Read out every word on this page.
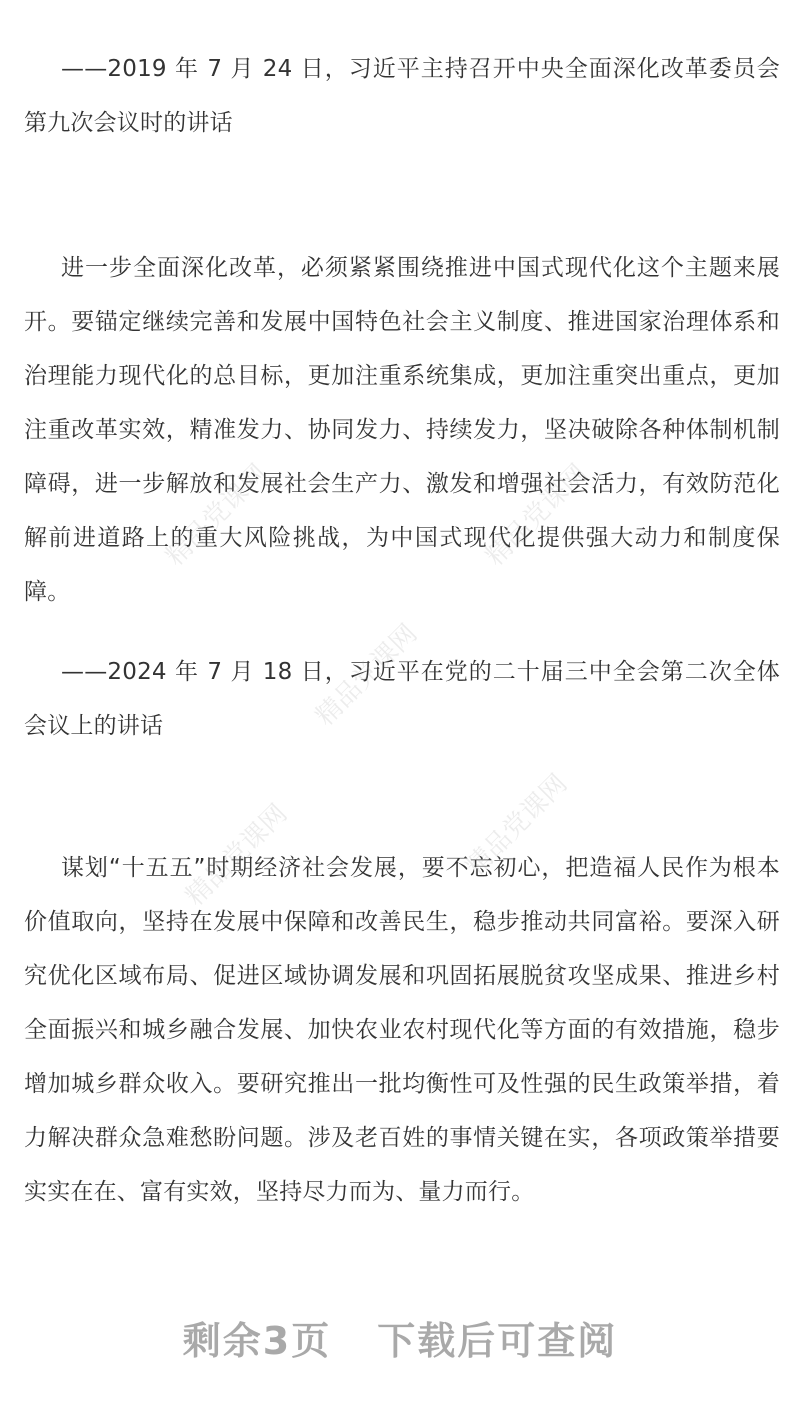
——2019 年 7 月 24 日，习近平主持召开中央全面深化改革委员会第九次会议时的讲话

进一步全面深化改革，必须紧紧围绕推进中国式现代化这个主题来展开。要锚定继续完善和发展中国特色社会主义制度、推进国家治理体系和治理能力现代化的总目标，更加注重系统集成，更加注重突出重点，更加注重改革实效，精准发力、协同发力、持续发力，坚决破除各种体制机制障碍，进一步解放和发展社会生产力、激发和增强社会活力，有效防范化解前进道路上的重大风险挑战，为中国式现代化提供强大动力和制度保障。

——2024 年 7 月 18 日，习近平在党的二十届三中全会第二次全体会议上的讲话

谋划“十五五”时期经济社会发展，要不忘初心，把造福人民作为根本价值取向，坚持在发展中保障和改善民生，稳步推动共同富裕。要深入研究优化区域布局、促进区域协调发展和巩固拓展脱贫攻坚成果、推进乡村全面振兴和城乡融合发展、加快农业农村现代化等方面的有效措施，稳步增加城乡群众收入。要研究推出一批均衡性可及性强的民生政策举措，着力解决群众急难愁盼问题。涉及老百姓的事情关键在实，各项政策举措要实实在在、富有实效，坚持尽力而为、量力而行。

精品党课网	精品党课网
精品党课网
精品党课网	精品党课网
剩余3页 下载后可查阅
